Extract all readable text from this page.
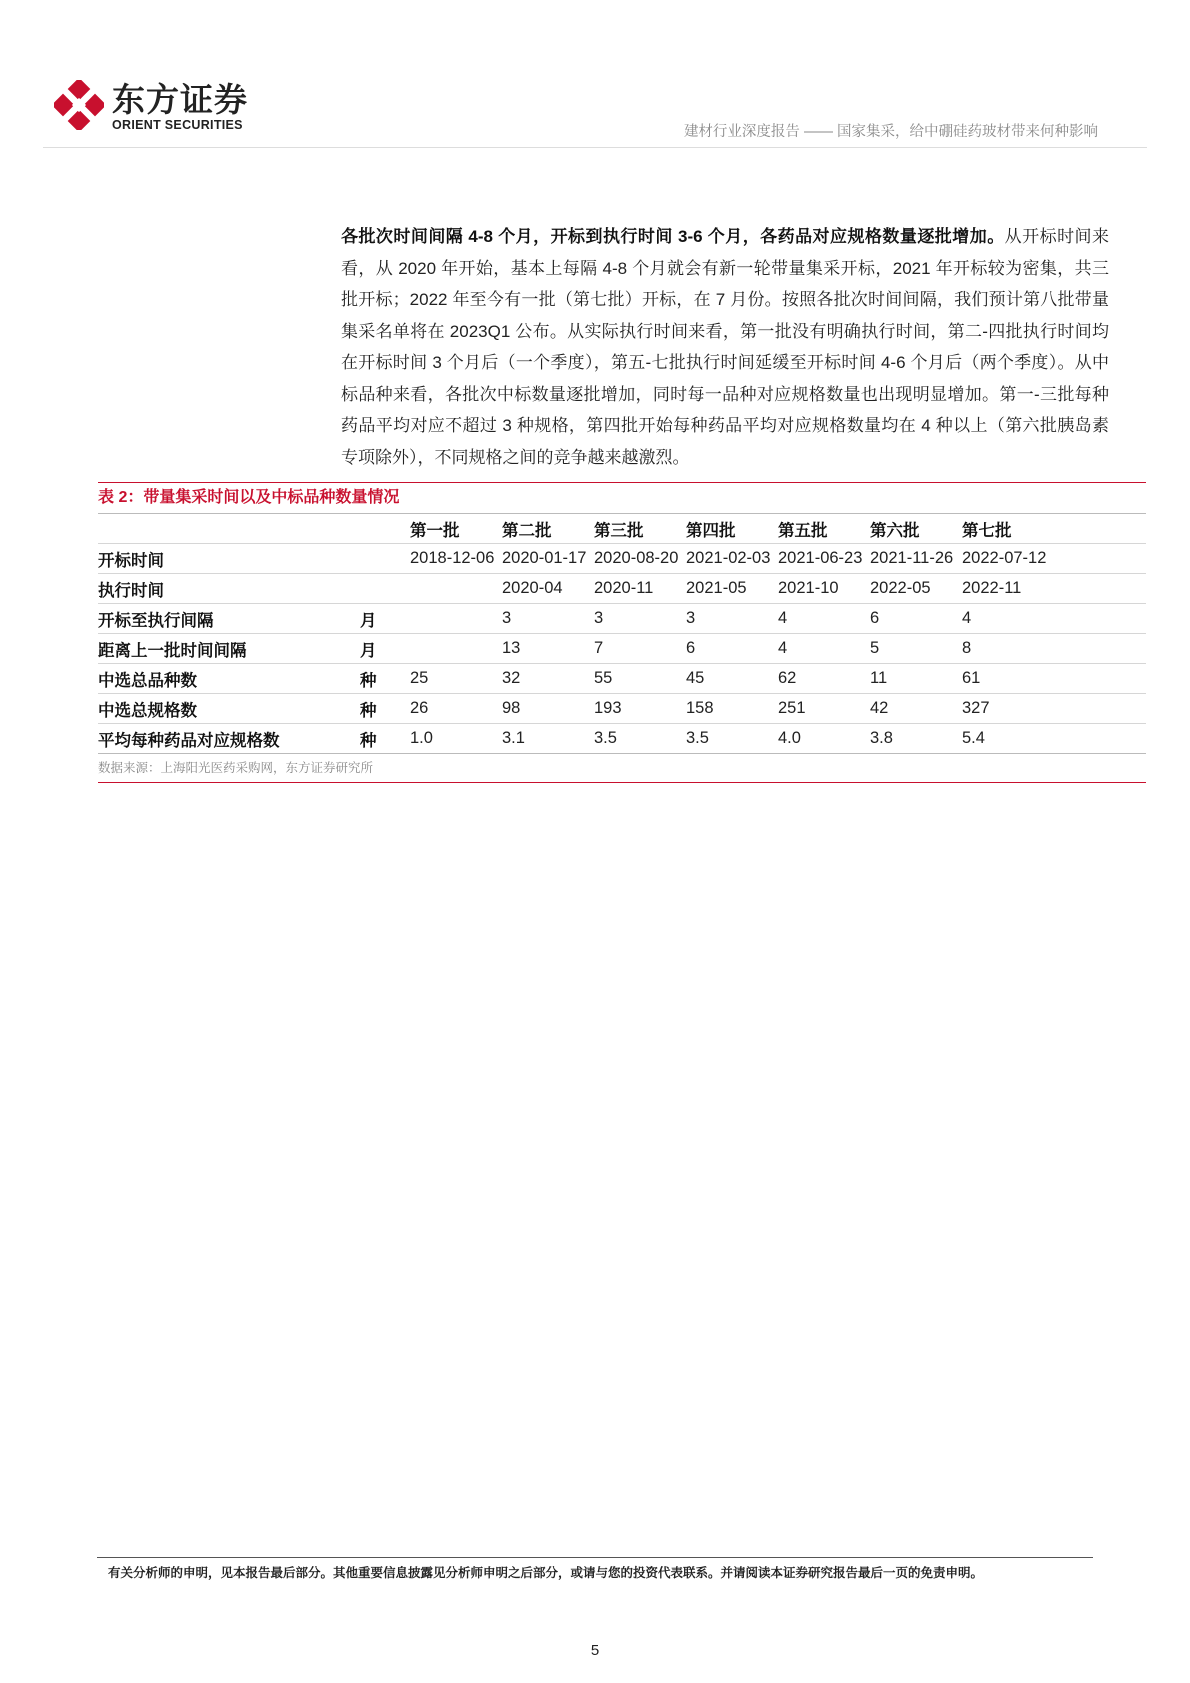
东方证券
ORIENT SECURITIES	建材行业深度报告 —— 国家集采，给中硼硅药玻材带来何种影响
各批次时间间隔 4-8 个月，开标到执行时间 3-6 个月，各药品对应规格数量逐批增加。从开标时间来看，从 2020 年开始，基本上每隔 4-8 个月就会有新一轮带量集采开标，2021 年开标较为密集，共三批开标；2022 年至今有一批（第七批）开标，在 7 月份。按照各批次时间间隔，我们预计第八批带量集采名单将在 2023Q1 公布。从实际执行时间来看，第一批没有明确执行时间，第二-四批执行时间均在开标时间 3 个月后（一个季度），第五-七批执行时间延缓至开标时间 4-6 个月后（两个季度）。从中标品种来看，各批次中标数量逐批增加，同时每一品种对应规格数量也出现明显增加。第一-三批每种药品平均对应不超过 3 种规格，第四批开始每种药品平均对应规格数量均在 4 种以上（第六批胰岛素专项除外），不同规格之间的竞争越来越激烈。
表 2：带量集采时间以及中标品种数量情况
		第一批	第二批	第三批	第四批	第五批	第六批	第七批
开标时间		2018-12-06	2020-01-17	2020-08-20	2021-02-03	2021-06-23	2021-11-26	2022-07-12
执行时间			2020-04	2020-11	2021-05	2021-10	2022-05	2022-11
开标至执行间隔	月		3	3	3	4	6	4
距离上一批时间间隔	月		13	7	6	4	5	8
中选总品种数	种	25	32	55	45	62	11	61
中选总规格数	种	26	98	193	158	251	42	327
平均每种药品对应规格数	种	1.0	3.1	3.5	3.5	4.0	3.8	5.4
数据来源：上海阳光医药采购网，东方证券研究所
有关分析师的申明，见本报告最后部分。其他重要信息披露见分析师申明之后部分，或请与您的投资代表联系。并请阅读本证券研究报告最后一页的免责申明。
5
